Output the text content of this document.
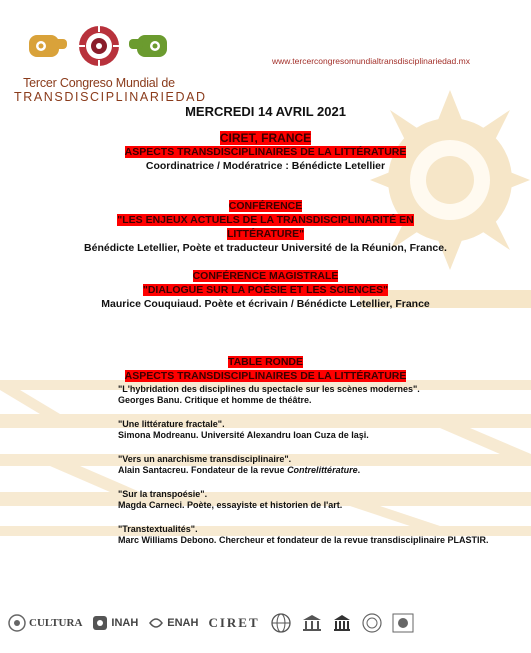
Tercer Congreso Mundial de
TRANSDISCIPLINARIEDAD
www.tercercongresomundialtransdisciplinariedad.mx
MERCREDI 14 AVRIL 2021
CIRET, FRANCE
ASPECTS TRANSDISCIPLINAIRES DE LA LITTÉRATURE
Coordinatrice / Modératrice : Bénédicte Letellier
CONFÉRENCE
"LES ENJEUX ACTUELS DE LA TRANSDISCIPLINARITÉ EN
LITTÉRATURE"
Bénédicte Letellier, Poète et traducteur Université de la Réunion, France.
CONFÉRENCE MAGISTRALE
"DIALOGUE SUR LA POÉSIE ET LES SCIENCES"
Maurice Couquiaud. Poète et écrivain / Bénédicte Letellier, France
TABLE RONDE
ASPECTS TRANSDISCIPLINAIRES DE LA LITTÉRATURE
"L'hybridation des disciplines du spectacle sur les scènes modernes".
Georges Banu. Critique et homme de théâtre.
"Une littérature fractale".
Simona Modreanu. Université Alexandru Ioan Cuza de Iaşi.
"Vers un anarchisme transdisciplinaire".
Alain Santacreu. Fondateur de la revue Contrelittérature.
"Sur la transpoésie".
Magda Carneci. Poète, essayiste et historien de l'art.
"Transtextualités".
Marc Williams Debono. Chercheur et fondateur de la revue transdisciplinaire PLASTIR.
CULTURA	INAH	ENAH CIRET
